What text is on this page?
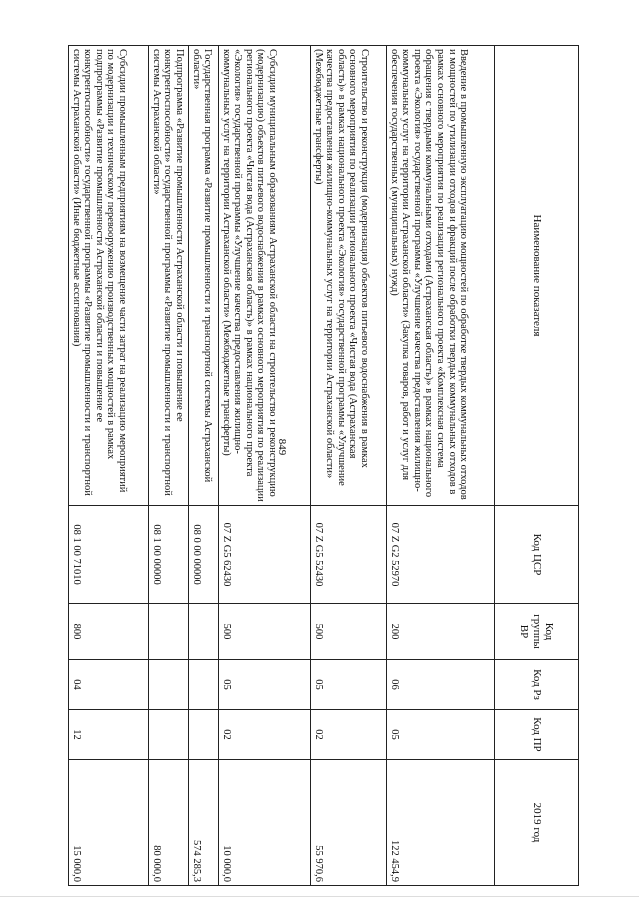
849
Наименование показателя	Код ЦСР	Код группы ВР	Код Рз	Код ПР	2019 год
Введение в промышленную эксплуатацию мощностей по обработке твердых коммунальных отходов и мощностей по утилизации отходов и фракций после обработки твердых коммунальных отходов в рамках основного мероприятия по реализации регионального проекта «Комплексная система обращения с твердыми коммунальными отходами (Астраханская область)» в рамках национального проекта «Экология» государственной программы «Улучшение качества предоставления жилищно-коммунальных услуг на территории Астраханской области» (Закупка товаров, работ и услуг для обеспечения государственных (муниципальных) нужд)	07 Z G2 52970	200	06	05	122 454,9
Строительство и реконструкция (модернизация) объектов питьевого водоснабжения в рамках основного мероприятия по реализации регионального проекта «Чистая вода (Астраханская область)» в рамках национального проекта «Экология» государственной программы «Улучшение качества предоставления жилищно-коммунальных услуг на территории Астраханской области» (Межбюджетные трансферты)	07 Z G5 52430	500	05	02	55 970,6
Субсидии муниципальным образованиям Астраханской области на строительство и реконструкцию (модернизацию) объектов питьевого водоснабжения в рамках основного мероприятия по реализации регионального проекта «Чистая вода (Астраханская область)» в рамках национального проекта «Экология» государственной программы «Улучшение качества предоставления жилищно-коммунальных услуг на территории Астраханской области» (Межбюджетные трансферты)	07 Z G5 62430	500	05	02	10 000,0
Государственная программа «Развитие промышленности и транспортной системы Астраханской области»	08 0 00 00000				574 285,3
Подпрограмма «Развитие промышленности Астраханской области и повышение ее конкурентоспособности» государственной программы «Развитие промышленности и транспортной системы Астраханской области»	08 1 00 00000				80 000,0
Субсидии промышленным предприятиям на возмещение части затрат на реализацию мероприятий по модернизации и техническому перевооружению производственных мощностей в рамках подпрограммы «Развитие промышленности Астраханской области и повышение ее конкурентоспособности» государственной программы «Развитие промышленности и транспортной системы Астраханской области» (Иные бюджетные ассигнования)	08 1 00 71010	800	04	12	15 000,0
